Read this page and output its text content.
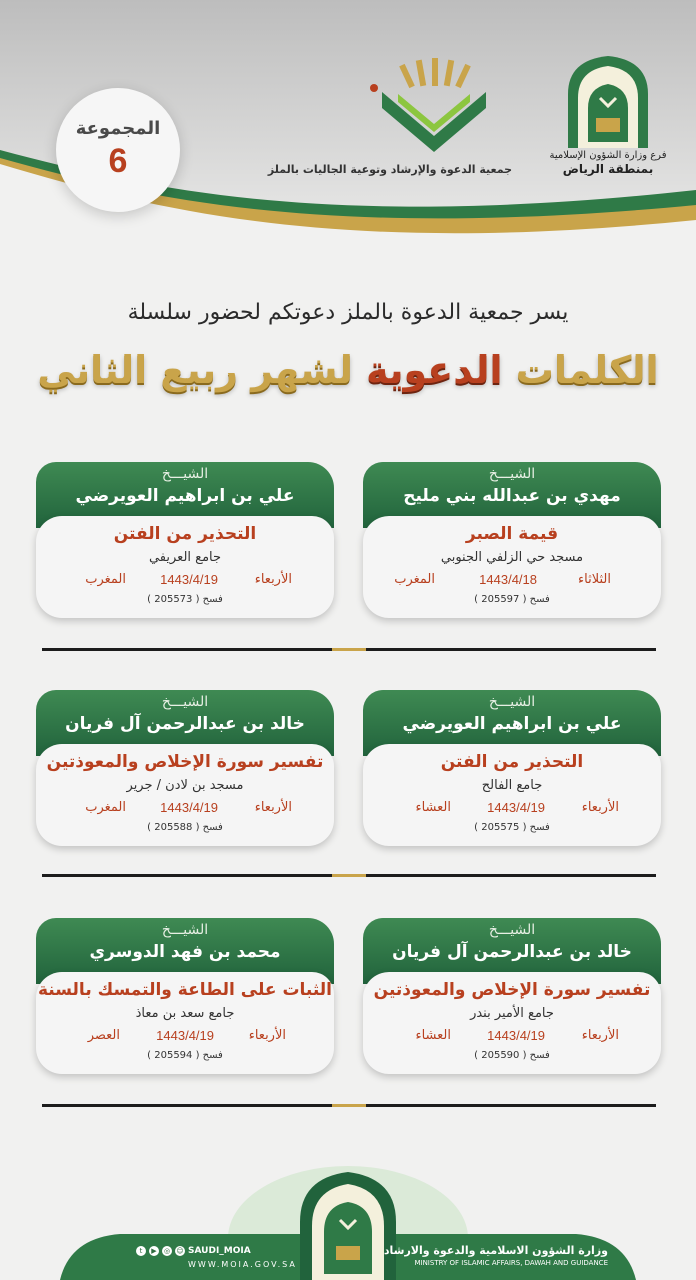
المجموعة
6	جمعية الدعوة والإرشاد وتوعية الجاليات بالملز
فرع وزارة الشؤون الإسلامية
بمنطقة الرياض
يسر جمعية الدعوة بالملز دعوتكم لحضور سلسلة
الكلمات الدعوية لشهر ربيع الثاني
الشيـــخ
مهدي بن عبدالله بني مليح
قيمة الصبر
مسجد حي الزلفي الجنوبي
الثلاثاء
1443/4/18
المغرب
فسح ( 205597 )
الشيـــخ
علي بن ابراهيم العويرضي
التحذير من الفتن
جامع العريفي
الأربعاء
1443/4/19
المغرب
فسح ( 205573 )
الشيـــخ
علي بن ابراهيم العويرضي
التحذير من الفتن
جامع الفالح
الأربعاء
1443/4/19
العشاء
فسح ( 205575 )
الشيـــخ
خالد بن عبدالرحمن آل فريان
تفسير سورة الإخلاص والمعوذتين
مسجد بن لادن / جرير
الأربعاء
1443/4/19
المغرب
فسح ( 205588 )
الشيـــخ
خالد بن عبدالرحمن آل فريان
تفسير سورة الإخلاص والمعوذتين
جامع الأمير بندر
الأربعاء
1443/4/19
العشاء
فسح ( 205590 )
الشيـــخ
محمد بن فهد الدوسري
الثبات على الطاعة والتمسك بالسنة
جامع سعد بن معاذ
الأربعاء
1443/4/19
العصر
فسح ( 205594 )
وزارة الشؤون الاسلامية والدعوة والارشاد
MINISTRY OF ISLAMIC AFFAIRS, DAWAH AND GUIDANCE
t	▶	◎ ☺ SAUDI_MOIA
WWW.MOIA.GOV.SA
